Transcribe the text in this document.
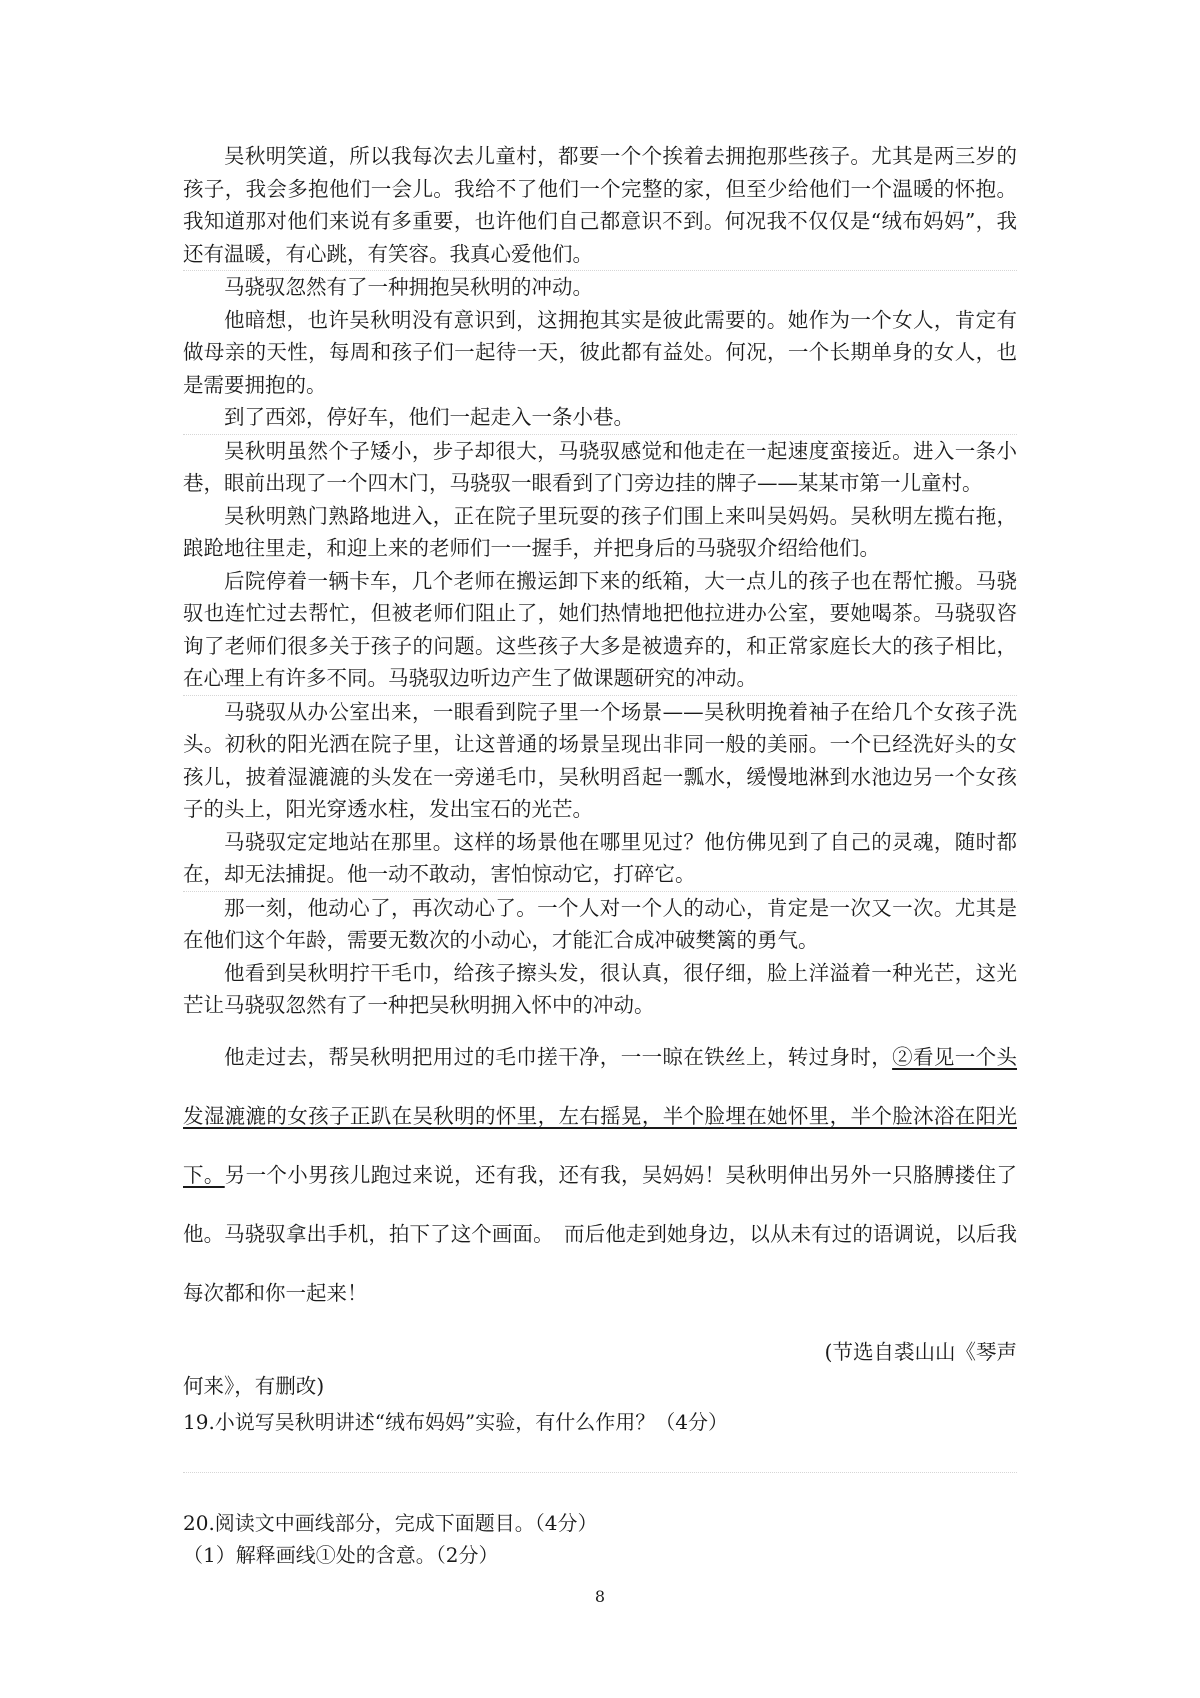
吴秋明笑道，所以我每次去儿童村，都要一个个挨着去拥抱那些孩子。尤其是两三岁的孩子，我会多抱他们一会儿。我给不了他们一个完整的家，但至少给他们一个温暖的怀抱。我知道那对他们来说有多重要，也许他们自己都意识不到。何况我不仅仅是“绒布妈妈”，我还有温暖，有心跳，有笑容。我真心爱他们。

马骁驭忽然有了一种拥抱吴秋明的冲动。

他暗想，也许吴秋明没有意识到，这拥抱其实是彼此需要的。她作为一个女人，肯定有做母亲的天性，每周和孩子们一起待一天，彼此都有益处。何况，一个长期单身的女人，也是需要拥抱的。

到了西郊，停好车，他们一起走入一条小巷。

吴秋明虽然个子矮小，步子却很大，马骁驭感觉和他走在一起速度蛮接近。进入一条小巷，眼前出现了一个四木门，马骁驭一眼看到了门旁边挂的牌子——某某市第一儿童村。

吴秋明熟门熟路地进入，正在院子里玩耍的孩子们围上来叫吴妈妈。吴秋明左揽右拖，踉跄地往里走，和迎上来的老师们一一握手，并把身后的马骁驭介绍给他们。

后院停着一辆卡车，几个老师在搬运卸下来的纸箱，大一点儿的孩子也在帮忙搬。马骁驭也连忙过去帮忙，但被老师们阻止了，她们热情地把他拉进办公室，要她喝茶。马骁驭咨询了老师们很多关于孩子的问题。这些孩子大多是被遗弃的，和正常家庭长大的孩子相比，在心理上有许多不同。马骁驭边听边产生了做课题研究的冲动。

马骁驭从办公室出来，一眼看到院子里一个场景——吴秋明挽着袖子在给几个女孩子洗头。初秋的阳光洒在院子里，让这普通的场景呈现出非同一般的美丽。一个已经洗好头的女孩儿，披着湿漉漉的头发在一旁递毛巾，吴秋明舀起一瓢水，缓慢地淋到水池边另一个女孩子的头上，阳光穿透水柱，发出宝石的光芒。

马骁驭定定地站在那里。这样的场景他在哪里见过？他仿佛见到了自己的灵魂，随时都在，却无法捕捉。他一动不敢动，害怕惊动它，打碎它。

那一刻，他动心了，再次动心了。一个人对一个人的动心，肯定是一次又一次。尤其是在他们这个年龄，需要无数次的小动心，才能汇合成冲破樊篱的勇气。

他看到吴秋明拧干毛巾，给孩子擦头发，很认真，很仔细，脸上洋溢着一种光芒，这光芒让马骁驭忽然有了一种把吴秋明拥入怀中的冲动。

他走过去，帮吴秋明把用过的毛巾搓干净，一一晾在铁丝上，转过身时，②看见一个头发湿漉漉的女孩子正趴在吴秋明的怀里，左右摇晃，半个脸埋在她怀里，半个脸沐浴在阳光下。另一个小男孩儿跑过来说，还有我，还有我，吴妈妈！吴秋明伸出另外一只胳膊搂住了他。马骁驭拿出手机，拍下了这个画面。　而后他走到她身边，以从未有过的语调说，以后我每次都和你一起来！

(节选自裘山山《琴声
何来》，有删改)

19.小说写吴秋明讲述“绒布妈妈”实验，有什么作用？（4分）

20.阅读文中画线部分，完成下面题目。（4分）

（1）解释画线①处的含意。（2分）

8
